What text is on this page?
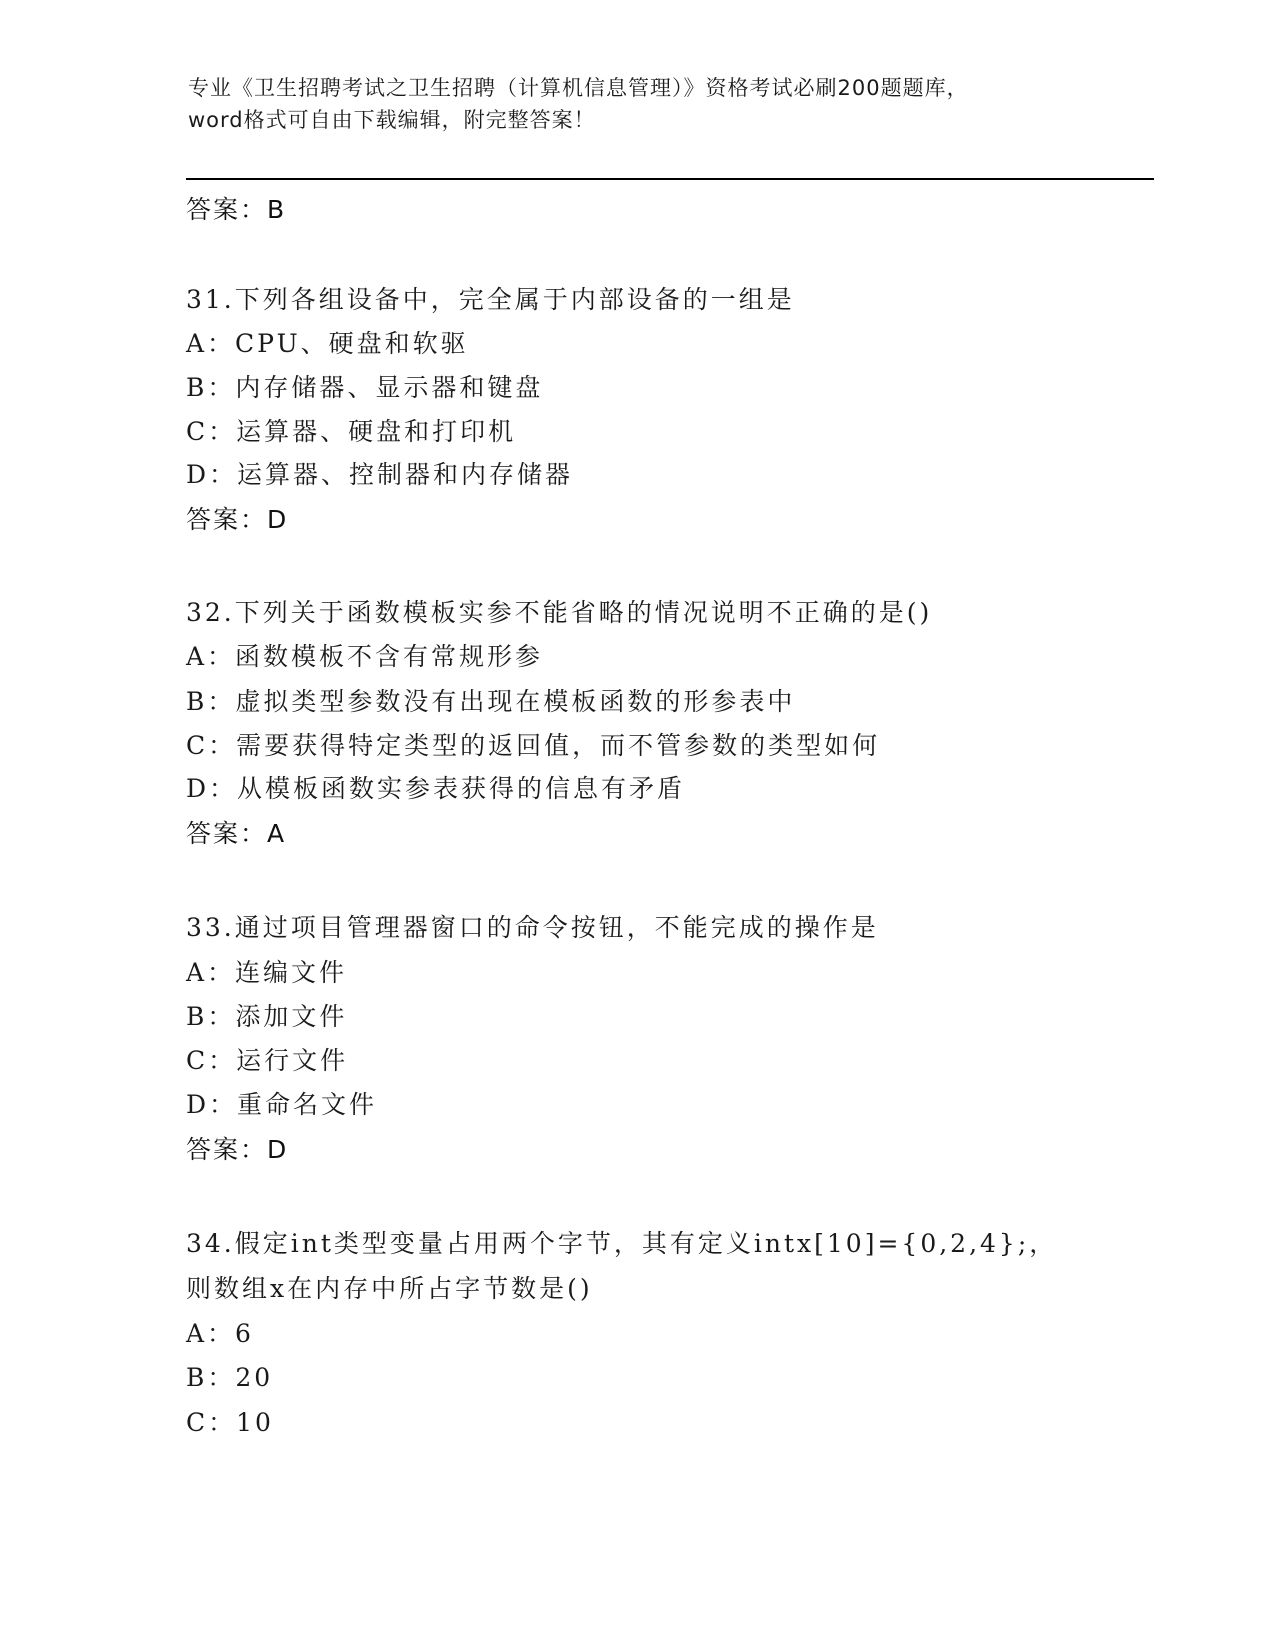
专业《卫生招聘考试之卫生招聘（计算机信息管理）》资格考试必刷200题题库，
word格式可自由下载编辑，附完整答案！
答案：B
31.下列各组设备中，完全属于内部设备的一组是
A：CPU、硬盘和软驱
B：内存储器、显示器和键盘
C：运算器、硬盘和打印机
D：运算器、控制器和内存储器
答案：D
32.下列关于函数模板实参不能省略的情况说明不正确的是()
A：函数模板不含有常规形参
B：虚拟类型参数没有出现在模板函数的形参表中
C：需要获得特定类型的返回值，而不管参数的类型如何
D：从模板函数实参表获得的信息有矛盾
答案：A
33.通过项目管理器窗口的命令按钮，不能完成的操作是
A：连编文件
B：添加文件
C：运行文件
D：重命名文件
答案：D
34.假定int类型变量占用两个字节，其有定义intx[10]={0,2,4};，
则数组x在内存中所占字节数是()
A：6
B：20
C：10
